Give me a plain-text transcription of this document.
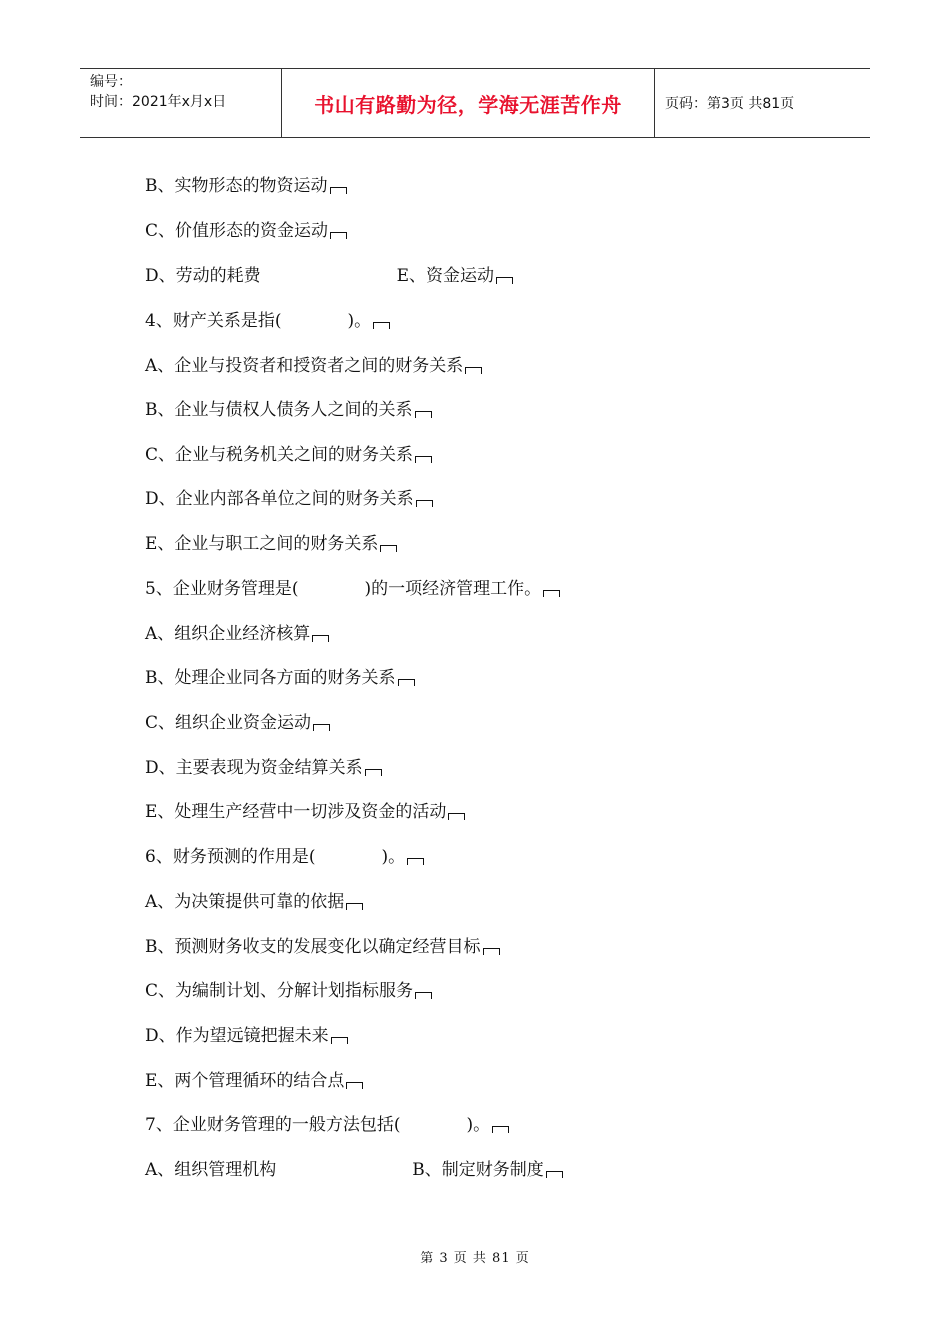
编号：
时间：2021年x月x日	书山有路勤为径，学海无涯苦作舟	页码：第3页 共81页
B、实物形态的物资运动
C、价值形态的资金运动
D、劳动的耗费	E、资金运动
4、财产关系是指(	)。
A、企业与投资者和授资者之间的财务关系
B、企业与债权人债务人之间的关系
C、企业与税务机关之间的财务关系
D、企业内部各单位之间的财务关系
E、企业与职工之间的财务关系
5、企业财务管理是(	)的一项经济管理工作。
A、组织企业经济核算
B、处理企业同各方面的财务关系
C、组织企业资金运动
D、主要表现为资金结算关系
E、处理生产经营中一切涉及资金的活动
6、财务预测的作用是(	)。
A、为决策提供可靠的依据
B、预测财务收支的发展变化以确定经营目标
C、为编制计划、分解计划指标服务
D、作为望远镜把握未来
E、两个管理循环的结合点
7、企业财务管理的一般方法包括(	)。
A、组织管理机构	B、制定财务制度
第 3 页 共 81 页
